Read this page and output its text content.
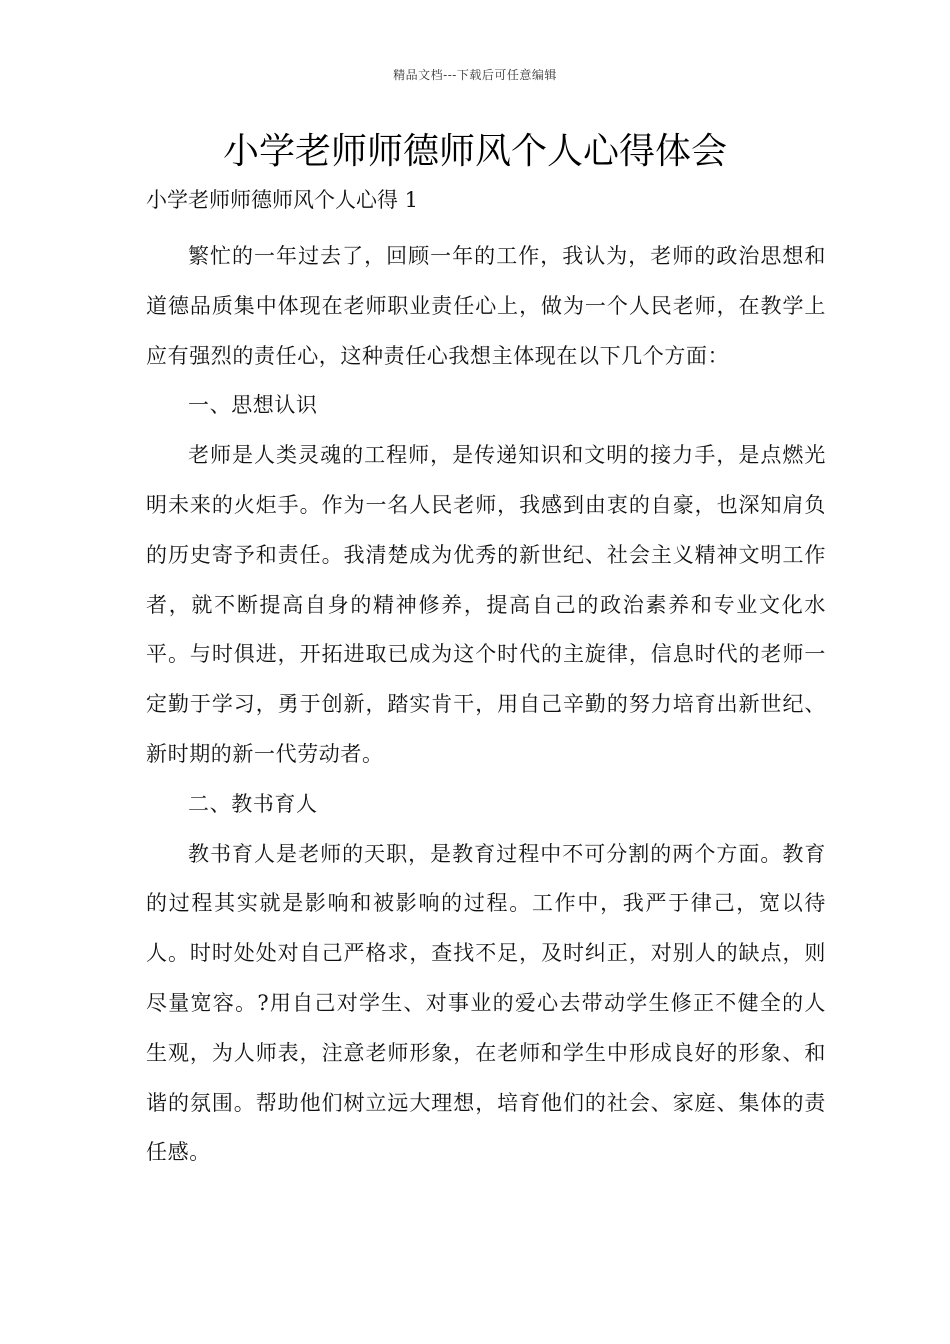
精品文档---下载后可任意编辑
小学老师师德师风个人心得体会

小学老师师德师风个人心得 1

繁忙的一年过去了，回顾一年的工作，我认为，老师的政治思想和道德品质集中体现在老师职业责任心上，做为一个人民老师，在教学上应有强烈的责任心，这种责任心我想主体现在以下几个方面：

一、思想认识

老师是人类灵魂的工程师，是传递知识和文明的接力手，是点燃光明未来的火炬手。作为一名人民老师，我感到由衷的自豪，也深知肩负的历史寄予和责任。我清楚成为优秀的新世纪、社会主义精神文明工作者，就不断提高自身的精神修养，提高自己的政治素养和专业文化水平。与时俱进，开拓进取已成为这个时代的主旋律，信息时代的老师一定勤于学习，勇于创新，踏实肯干，用自己辛勤的努力培育出新世纪、新时期的新一代劳动者。

二、教书育人

教书育人是老师的天职，是教育过程中不可分割的两个方面。教育的过程其实就是影响和被影响的过程。工作中，我严于律己，宽以待人。时时处处对自己严格求，查找不足，及时纠正，对别人的缺点，则尽量宽容。?用自己对学生、对事业的爱心去带动学生修正不健全的人生观，为人师表，注意老师形象，在老师和学生中形成良好的形象、和谐的氛围。帮助他们树立远大理想，培育他们的社会、家庭、集体的责任感。
